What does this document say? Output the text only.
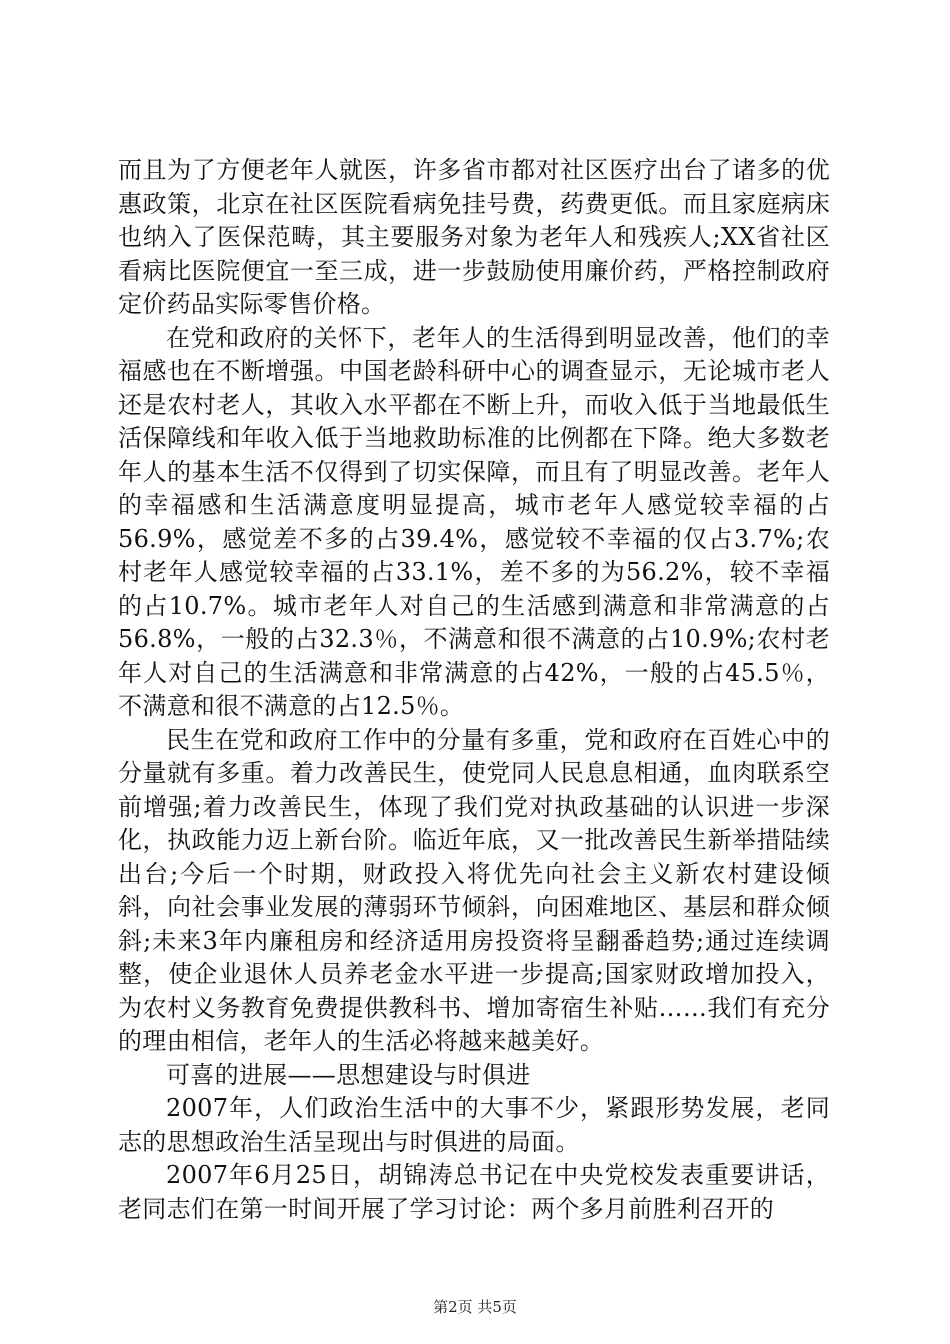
而且为了方便老年人就医，许多省市都对社区医疗出台了诸多的优惠政策，北京在社区医院看病免挂号费，药费更低。而且家庭病床也纳入了医保范畴，其主要服务对象为老年人和残疾人;XX省社区看病比医院便宜一至三成，进一步鼓励使用廉价药，严格控制政府定价药品实际零售价格。

在党和政府的关怀下，老年人的生活得到明显改善，他们的幸福感也在不断增强。中国老龄科研中心的调查显示，无论城市老人还是农村老人，其收入水平都在不断上升，而收入低于当地最低生活保障线和年收入低于当地救助标准的比例都在下降。绝大多数老年人的基本生活不仅得到了切实保障，而且有了明显改善。老年人的幸福感和生活满意度明显提高，城市老年人感觉较幸福的占56.9%，感觉差不多的占39.4%，感觉较不幸福的仅占3.7%;农村老年人感觉较幸福的占33.1%，差不多的为56.2%，较不幸福的占10.7%。城市老年人对自己的生活感到满意和非常满意的占56.8%，一般的占32.3％，不满意和很不满意的占10.9%;农村老年人对自己的生活满意和非常满意的占42%，一般的占45.5％，不满意和很不满意的占12.5％。

民生在党和政府工作中的分量有多重，党和政府在百姓心中的分量就有多重。着力改善民生，使党同人民息息相通，血肉联系空前增强;着力改善民生，体现了我们党对执政基础的认识进一步深化，执政能力迈上新台阶。临近年底，又一批改善民生新举措陆续出台;今后一个时期，财政投入将优先向社会主义新农村建设倾斜，向社会事业发展的薄弱环节倾斜，向困难地区、基层和群众倾斜;未来3年内廉租房和经济适用房投资将呈翻番趋势;通过连续调整，使企业退休人员养老金水平进一步提高;国家财政增加投入，为农村义务教育免费提供教科书、增加寄宿生补贴……我们有充分的理由相信，老年人的生活必将越来越美好。

可喜的进展——思想建设与时俱进

2007年，人们政治生活中的大事不少，紧跟形势发展，老同志的思想政治生活呈现出与时俱进的局面。

2007年6月25日，胡锦涛总书记在中央党校发表重要讲话，老同志们在第一时间开展了学习讨论：两个多月前胜利召开的

第2页 共5页
